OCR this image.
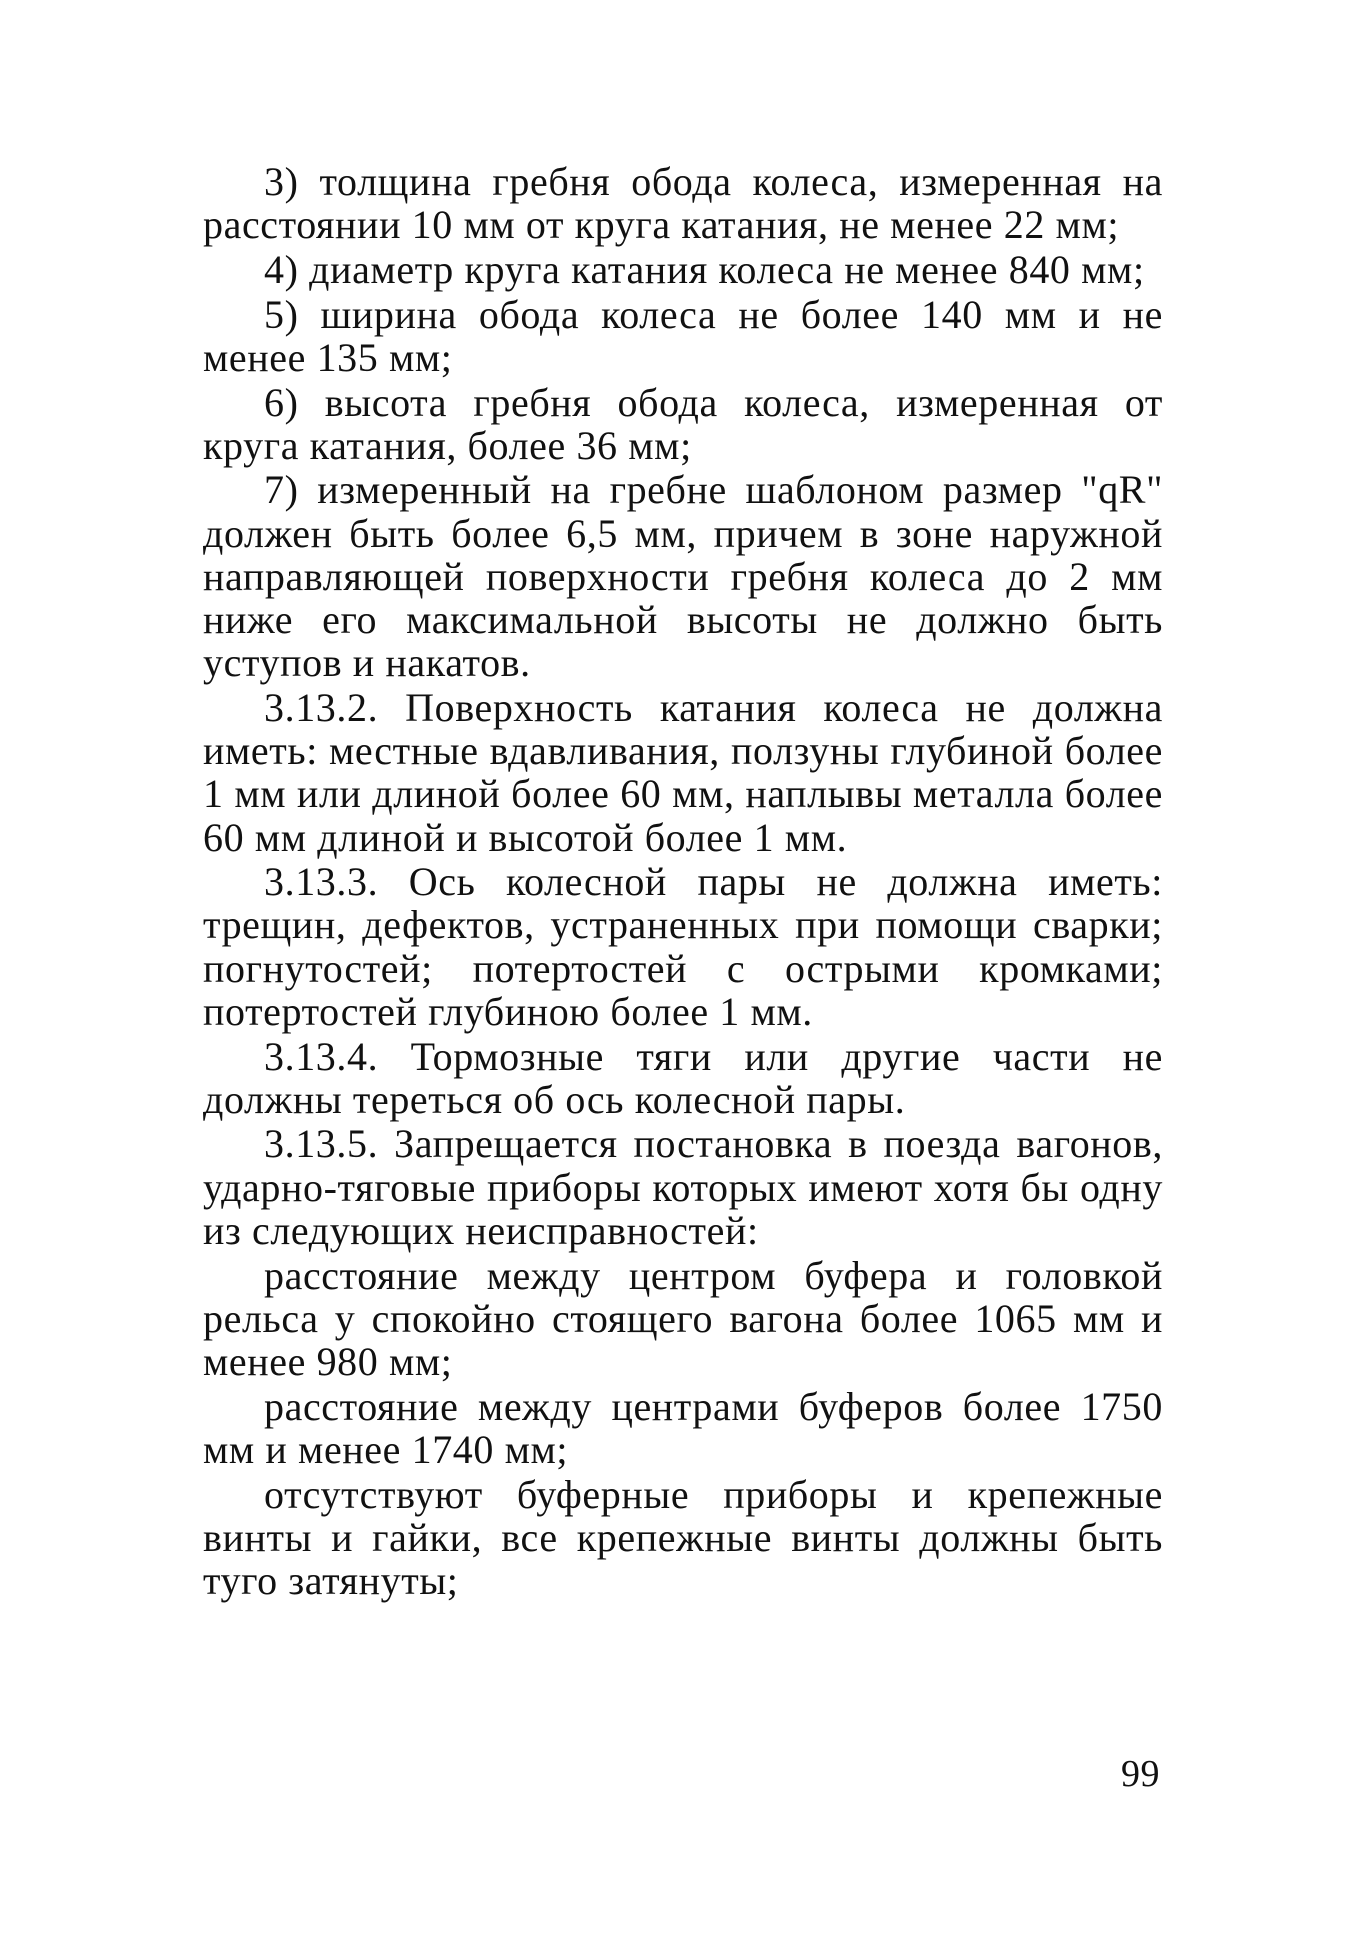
3) толщина гребня обода колеса, измеренная на расстоянии 10 мм от круга катания, не менее 22 мм;

4) диаметр круга катания колеса не менее 840 мм;

5) ширина обода колеса не более 140 мм и не менее 135 мм;

6) высота гребня обода колеса, измеренная от круга катания, более 36 мм;

7) измеренный на гребне шаблоном размер "qR" должен быть более 6,5 мм, причем в зоне наружной направляющей поверхности гребня колеса до 2 мм ниже его максимальной высоты не должно быть уступов и накатов.

3.13.2. Поверхность катания колеса не должна иметь: местные вдавливания, ползуны глубиной более 1 мм или длиной более 60 мм, наплывы металла более 60 мм длиной и высотой более 1 мм.

3.13.3. Ось колесной пары не должна иметь: трещин, дефектов, устраненных при помощи сварки; погнутостей; потертостей с острыми кромками; потертостей глубиною более 1 мм.

3.13.4. Тормозные тяги или другие части не должны тереться об ось колесной пары.

3.13.5. Запрещается постановка в поезда вагонов, ударно-тяговые приборы которых имеют хотя бы одну из следующих неисправностей:

расстояние между центром буфера и головкой рельса у спокойно стоящего вагона более 1065 мм и менее 980 мм;

расстояние между центрами буферов более 1750 мм и менее 1740 мм;

отсутствуют буферные приборы и крепежные винты и гайки, все крепежные винты должны быть туго затянуты;

99
